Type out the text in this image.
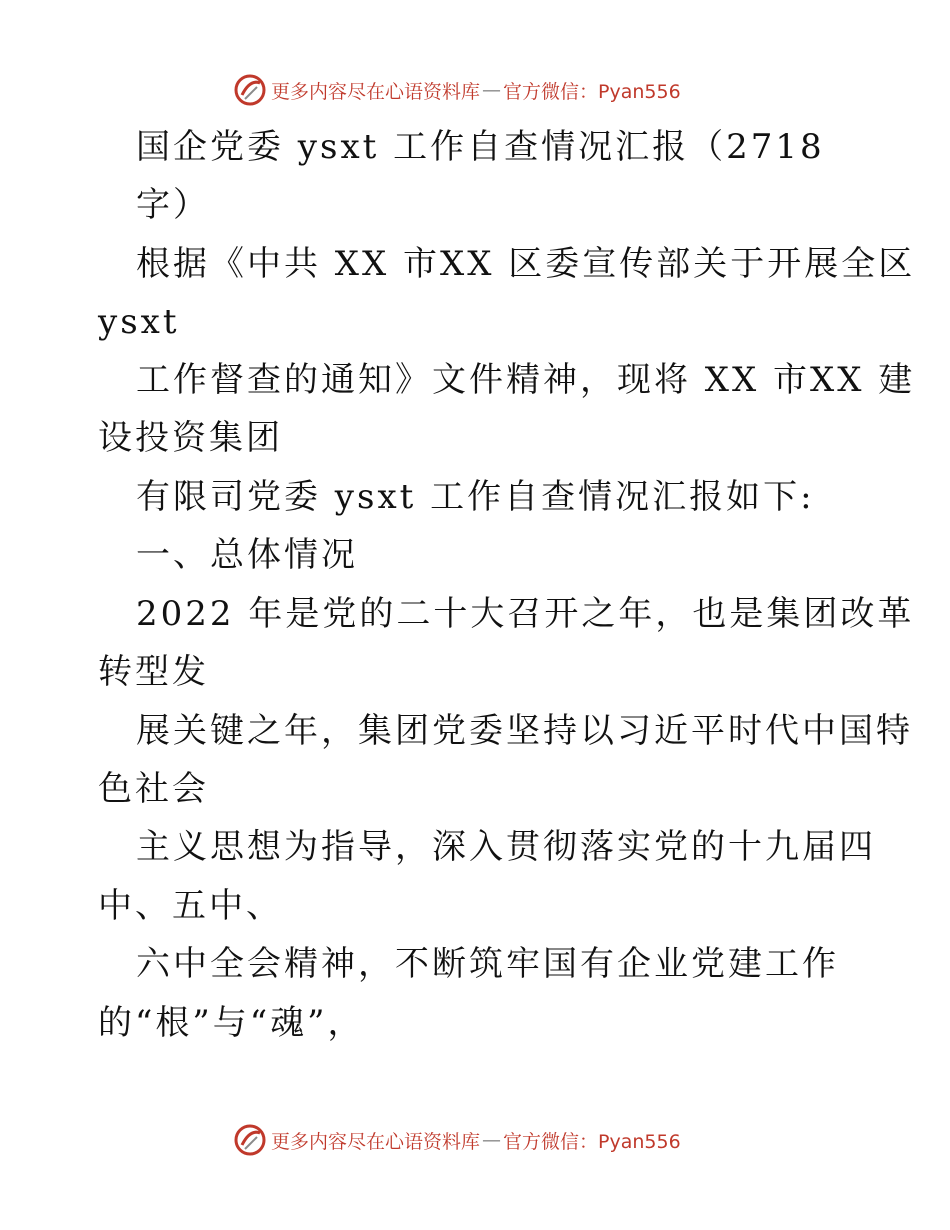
更多内容尽在心语资料库 — 官方微信：Pyan556
国企党委 ysxt 工作自查情况汇报（2718
字）
根据《中共 XX 市XX 区委宣传部关于开展全区
ysxt
工作督查的通知》文件精神，现将 XX 市XX 建
设投资集团
有限司党委 ysxt 工作自查情况汇报如下:
一、总体情况
2022 年是党的二十大召开之年，也是集团改革
转型发
展关键之年，集团党委坚持以习近平时代中国特
色社会
主义思想为指导，深入贯彻落实党的十九届四
中、五中、
六中全会精神，不断筑牢国有企业党建工作
的“根”与“魂”，
更多内容尽在心语资料库 — 官方微信：Pyan556
